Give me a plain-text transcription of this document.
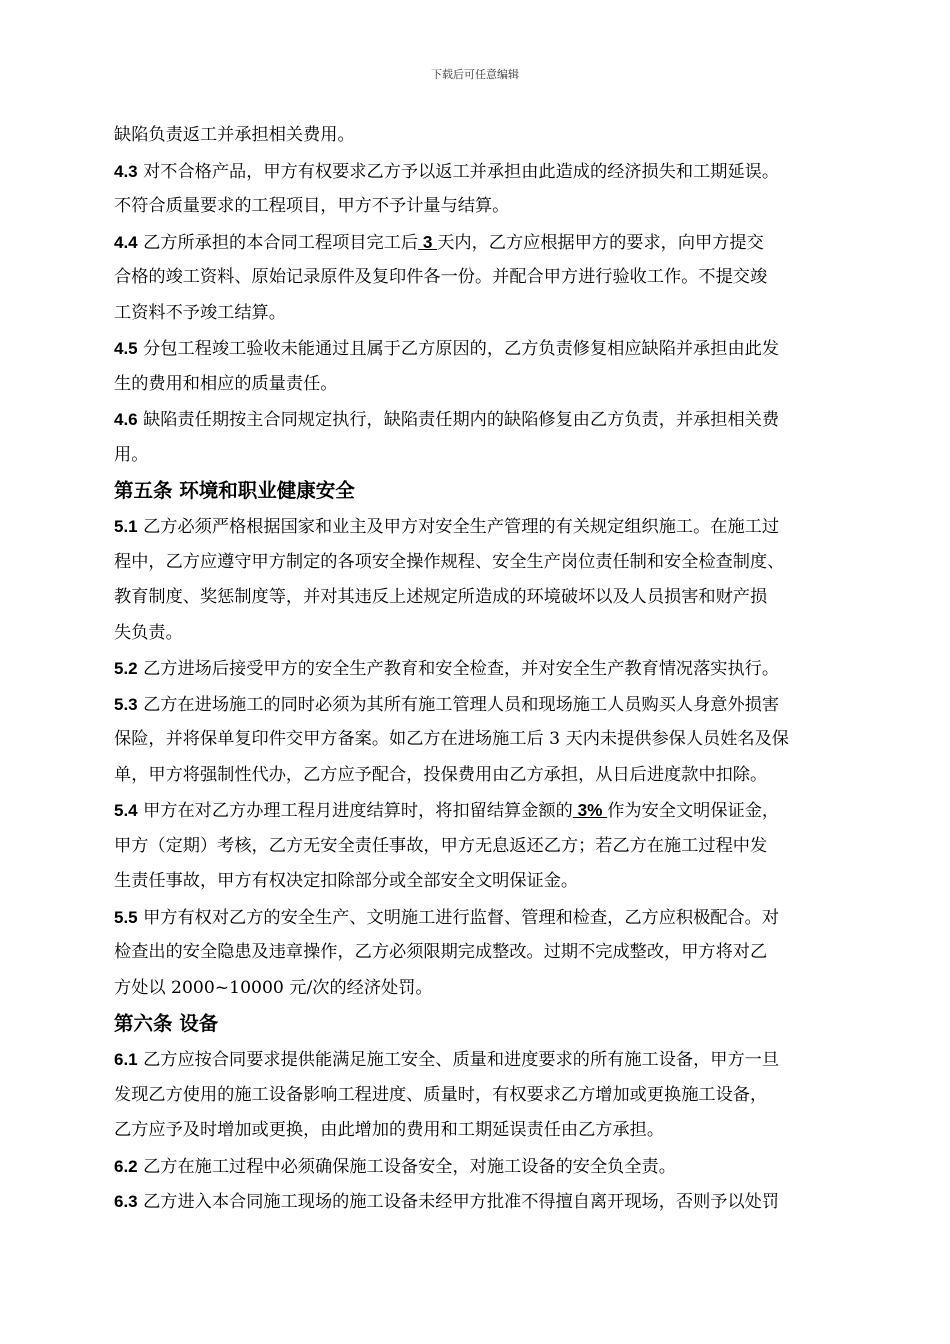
下载后可任意编辑
缺陷负责返工并承担相关费用。
4.3 对不合格产品，甲方有权要求乙方予以返工并承担由此造成的经济损失和工期延误。
不符合质量要求的工程项目，甲方不予计量与结算。
4.4 乙方所承担的本合同工程项目完工后 3 天内，乙方应根据甲方的要求，向甲方提交
合格的竣工资料、原始记录原件及复印件各一份。并配合甲方进行验收工作。不提交竣
工资料不予竣工结算。
4.5 分包工程竣工验收未能通过且属于乙方原因的，乙方负责修复相应缺陷并承担由此发
生的费用和相应的质量责任。
4.6 缺陷责任期按主合同规定执行，缺陷责任期内的缺陷修复由乙方负责，并承担相关费
用。
第五条 环境和职业健康安全
5.1 乙方必须严格根据国家和业主及甲方对安全生产管理的有关规定组织施工。在施工过
程中，乙方应遵守甲方制定的各项安全操作规程、安全生产岗位责任制和安全检查制度、
教育制度、奖惩制度等，并对其违反上述规定所造成的环境破坏以及人员损害和财产损
失负责。
5.2 乙方进场后接受甲方的安全生产教育和安全检查，并对安全生产教育情况落实执行。
5.3 乙方在进场施工的同时必须为其所有施工管理人员和现场施工人员购买人身意外损害
保险，并将保单复印件交甲方备案。如乙方在进场施工后 3 天内未提供参保人员姓名及保
单，甲方将强制性代办，乙方应予配合，投保费用由乙方承担，从日后进度款中扣除。
5.4 甲方在对乙方办理工程月进度结算时，将扣留结算金额的 3% 作为安全文明保证金，
甲方（定期）考核，乙方无安全责任事故，甲方无息返还乙方；若乙方在施工过程中发
生责任事故，甲方有权决定扣除部分或全部安全文明保证金。
5.5 甲方有权对乙方的安全生产、文明施工进行监督、管理和检查，乙方应积极配合。对
检查出的安全隐患及违章操作，乙方必须限期完成整改。过期不完成整改，甲方将对乙
方处以 2000~10000 元/次的经济处罚。
第六条 设备
6.1 乙方应按合同要求提供能满足施工安全、质量和进度要求的所有施工设备，甲方一旦
发现乙方使用的施工设备影响工程进度、质量时，有权要求乙方增加或更换施工设备，
乙方应予及时增加或更换，由此增加的费用和工期延误责任由乙方承担。
6.2 乙方在施工过程中必须确保施工设备安全，对施工设备的安全负全责。
6.3 乙方进入本合同施工现场的施工设备未经甲方批准不得擅自离开现场，否则予以处罚
